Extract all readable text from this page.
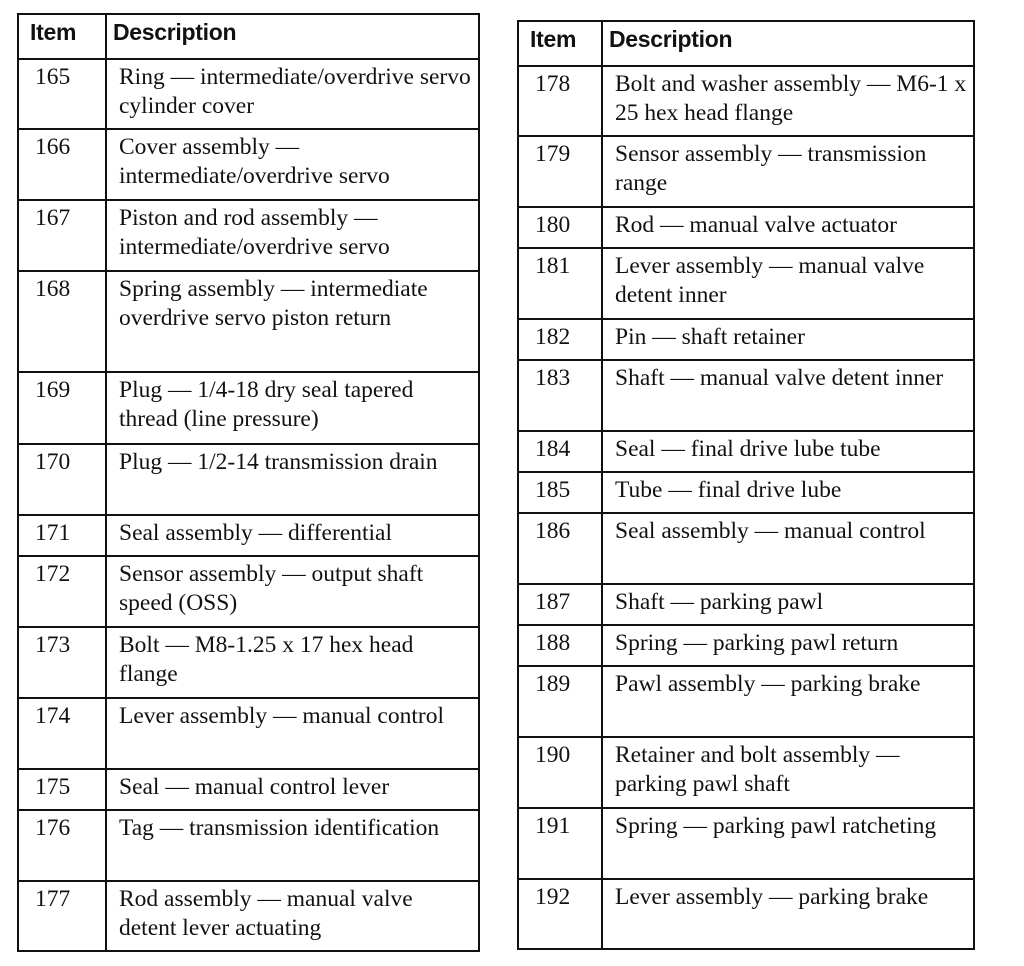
Item	Description
165	Ring — intermediate/overdrive servo cylinder cover
166	Cover assembly — intermediate/overdrive servo
167	Piston and rod assembly — intermediate/overdrive servo
168	Spring assembly — intermediate overdrive servo piston return
169	Plug — 1/4-18 dry seal tapered thread (line pressure)
170	Plug — 1/2-14 transmission drain
171	Seal assembly — differential
172	Sensor assembly — output shaft speed (OSS)
173	Bolt — M8-1.25 x 17 hex head flange
174	Lever assembly — manual control
175	Seal — manual control lever
176	Tag — transmission identification
177	Rod assembly — manual valve detent lever actuating
Item	Description
178	Bolt and washer assembly — M6-1 x 25 hex head flange
179	Sensor assembly — transmission range
180	Rod — manual valve actuator
181	Lever assembly — manual valve detent inner
182	Pin — shaft retainer
183	Shaft — manual valve detent inner
184	Seal — final drive lube tube
185	Tube — final drive lube
186	Seal assembly — manual control
187	Shaft — parking pawl
188	Spring — parking pawl return
189	Pawl assembly — parking brake
190	Retainer and bolt assembly — parking pawl shaft
191	Spring — parking pawl ratcheting
192	Lever assembly — parking brake
